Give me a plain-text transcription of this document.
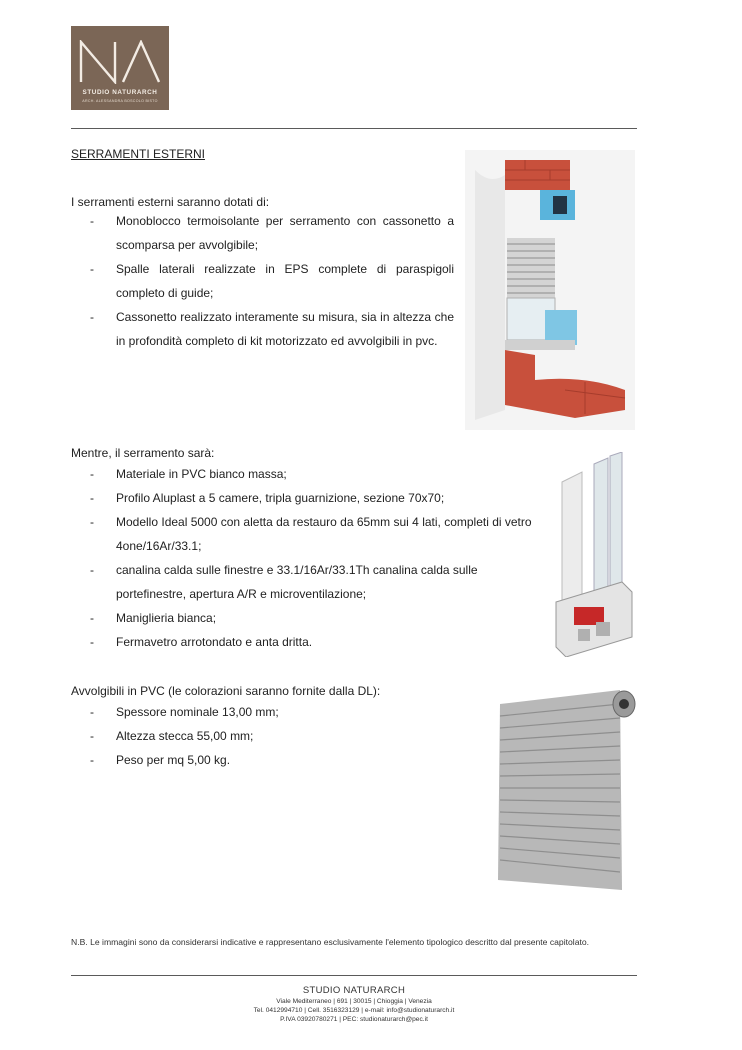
STUDIO NATURARCH
ARCH. ALESSANDRA BOSCOLO BISTO
SERRAMENTI ESTERNI
I serramenti esterni saranno dotati di:
- Monoblocco termoisolante per serramento con cassonetto a scomparsa per avvolgibile;
- Spalle laterali realizzate in EPS complete di paraspigoli completo di guide;
- Cassonetto realizzato interamente su misura, sia in altezza che in profondità completo di kit motorizzato ed avvolgibili in pvc.
Mentre, il serramento sarà:
- Materiale in PVC bianco massa;
- Profilo Aluplast a 5 camere, tripla guarnizione, sezione 70x70;
- Modello Ideal 5000 con aletta da restauro da 65mm sui 4 lati, completi di vetro 4one/16Ar/33.1;
- canalina calda sulle finestre e 33.1/16Ar/33.1Th canalina calda sulle portefinestre, apertura A/R e microventilazione;
- Maniglieria bianca;
- Fermavetro arrotondato e anta dritta.
Avvolgibili in PVC (le colorazioni saranno fornite dalla DL):
- Spessore nominale 13,00 mm;
- Altezza stecca 55,00 mm;
- Peso per mq 5,00 kg.
N.B. Le immagini sono da considerarsi indicative e rappresentano esclusivamente l'elemento tipologico descritto dal presente capitolato.
STUDIO NATURARCH
Viale Mediterraneo | 691 | 30015 | Chioggia | Venezia
Tel. 0412994710 | Cell. 3516323129 | e-mail: info@studionaturarch.it
P.IVA 03920780271 | PEC: studionaturarch@pec.it
